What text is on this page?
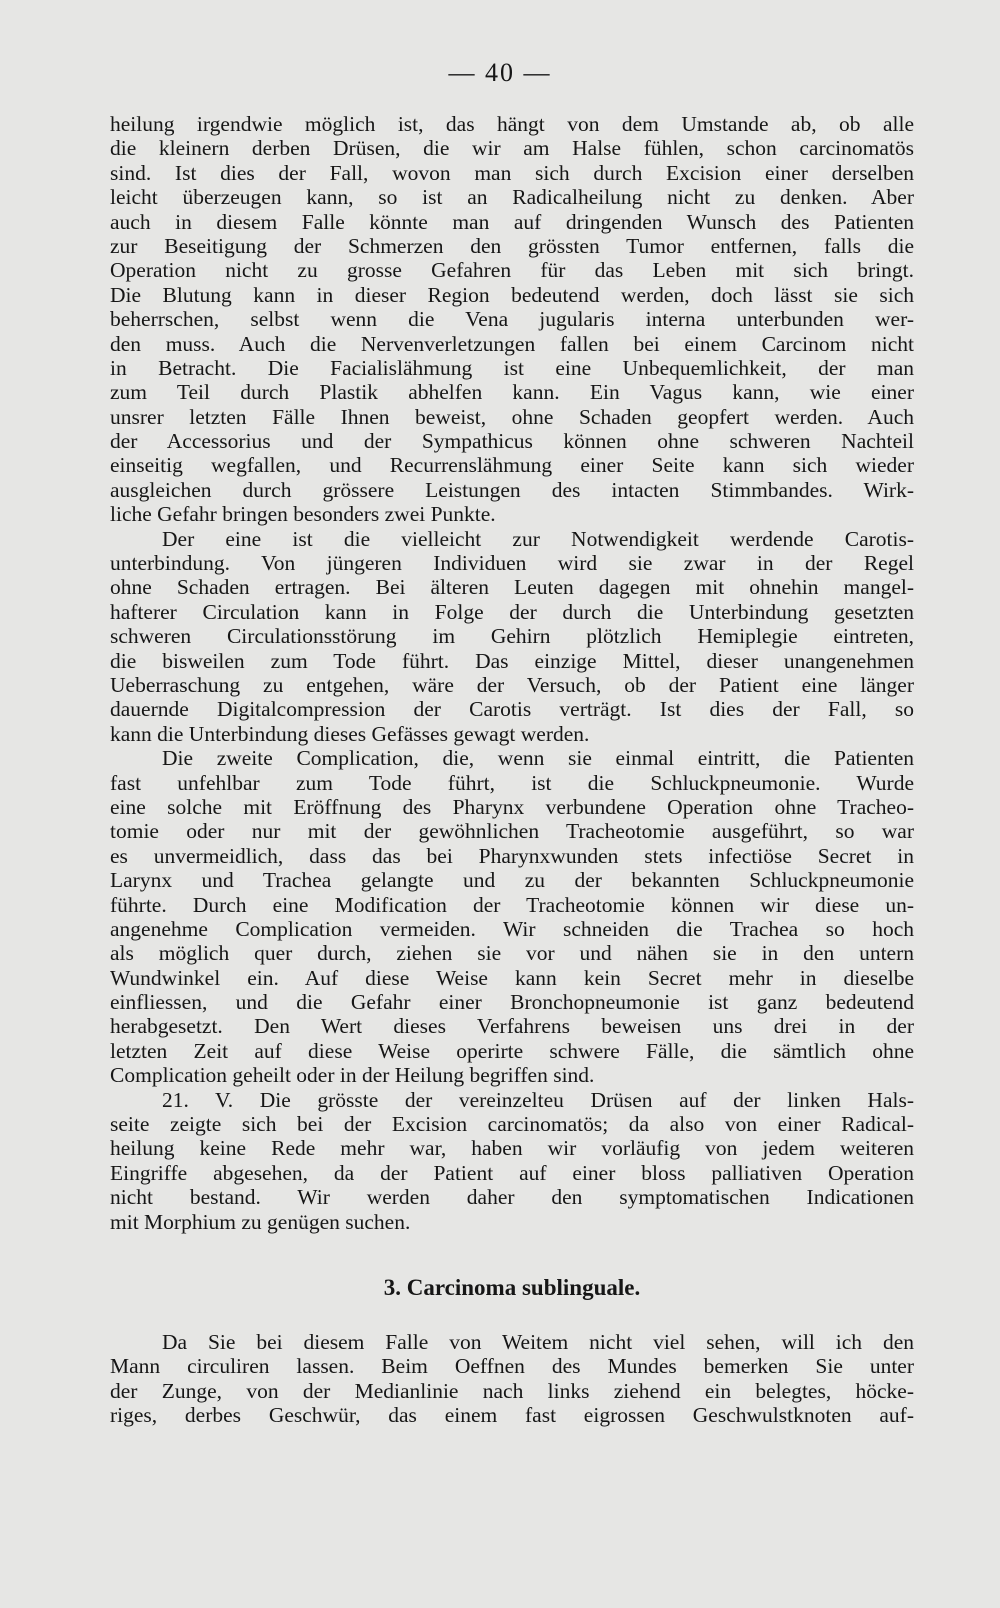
— 40 —
heilung irgendwie möglich ist, das hängt von dem Umstande ab, ob alle
die kleinern derben Drüsen, die wir am Halse fühlen, schon carcinomatös
sind. Ist dies der Fall, wovon man sich durch Excision einer derselben
leicht überzeugen kann, so ist an Radicalheilung nicht zu denken. Aber
auch in diesem Falle könnte man auf dringenden Wunsch des Patienten
zur Beseitigung der Schmerzen den grössten Tumor entfernen, falls die
Operation nicht zu grosse Gefahren für das Leben mit sich bringt.
Die Blutung kann in dieser Region bedeutend werden, doch lässt sie sich
beherrschen, selbst wenn die Vena jugularis interna unterbunden wer-
den muss. Auch die Nervenverletzungen fallen bei einem Carcinom nicht
in Betracht. Die Facialislähmung ist eine Unbequemlichkeit, der man
zum Teil durch Plastik abhelfen kann. Ein Vagus kann, wie einer
unsrer letzten Fälle Ihnen beweist, ohne Schaden geopfert werden. Auch
der Accessorius und der Sympathicus können ohne schweren Nachteil
einseitig wegfallen, und Recurrenslähmung einer Seite kann sich wieder
ausgleichen durch grössere Leistungen des intacten Stimmbandes. Wirk-
liche Gefahr bringen besonders zwei Punkte.
Der eine ist die vielleicht zur Notwendigkeit werdende Carotis-
unterbindung. Von jüngeren Individuen wird sie zwar in der Regel
ohne Schaden ertragen. Bei älteren Leuten dagegen mit ohnehin mangel-
hafterer Circulation kann in Folge der durch die Unterbindung gesetzten
schweren Circulationsstörung im Gehirn plötzlich Hemiplegie eintreten,
die bisweilen zum Tode führt. Das einzige Mittel, dieser unangenehmen
Ueberraschung zu entgehen, wäre der Versuch, ob der Patient eine länger
dauernde Digitalcompression der Carotis verträgt. Ist dies der Fall, so
kann die Unterbindung dieses Gefässes gewagt werden.
Die zweite Complication, die, wenn sie einmal eintritt, die Patienten
fast unfehlbar zum Tode führt, ist die Schluckpneumonie. Wurde
eine solche mit Eröffnung des Pharynx verbundene Operation ohne Tracheo-
tomie oder nur mit der gewöhnlichen Tracheotomie ausgeführt, so war
es unvermeidlich, dass das bei Pharynxwunden stets infectiöse Secret in
Larynx und Trachea gelangte und zu der bekannten Schluckpneumonie
führte. Durch eine Modification der Tracheotomie können wir diese un-
angenehme Complication vermeiden. Wir schneiden die Trachea so hoch
als möglich quer durch, ziehen sie vor und nähen sie in den untern
Wundwinkel ein. Auf diese Weise kann kein Secret mehr in dieselbe
einfliessen, und die Gefahr einer Bronchopneumonie ist ganz bedeutend
herabgesetzt. Den Wert dieses Verfahrens beweisen uns drei in der
letzten Zeit auf diese Weise operirte schwere Fälle, die sämtlich ohne
Complication geheilt oder in der Heilung begriffen sind.
21. V. Die grösste der vereinzelteu Drüsen auf der linken Hals-
seite zeigte sich bei der Excision carcinomatös; da also von einer Radical-
heilung keine Rede mehr war, haben wir vorläufig von jedem weiteren
Eingriffe abgesehen, da der Patient auf einer bloss palliativen Operation
nicht bestand. Wir werden daher den symptomatischen Indicationen
mit Morphium zu genügen suchen.
3. Carcinoma sublinguale.
Da Sie bei diesem Falle von Weitem nicht viel sehen, will ich den
Mann circuliren lassen. Beim Oeffnen des Mundes bemerken Sie unter
der Zunge, von der Medianlinie nach links ziehend ein belegtes, höcke-
riges, derbes Geschwür, das einem fast eigrossen Geschwulstknoten auf-
